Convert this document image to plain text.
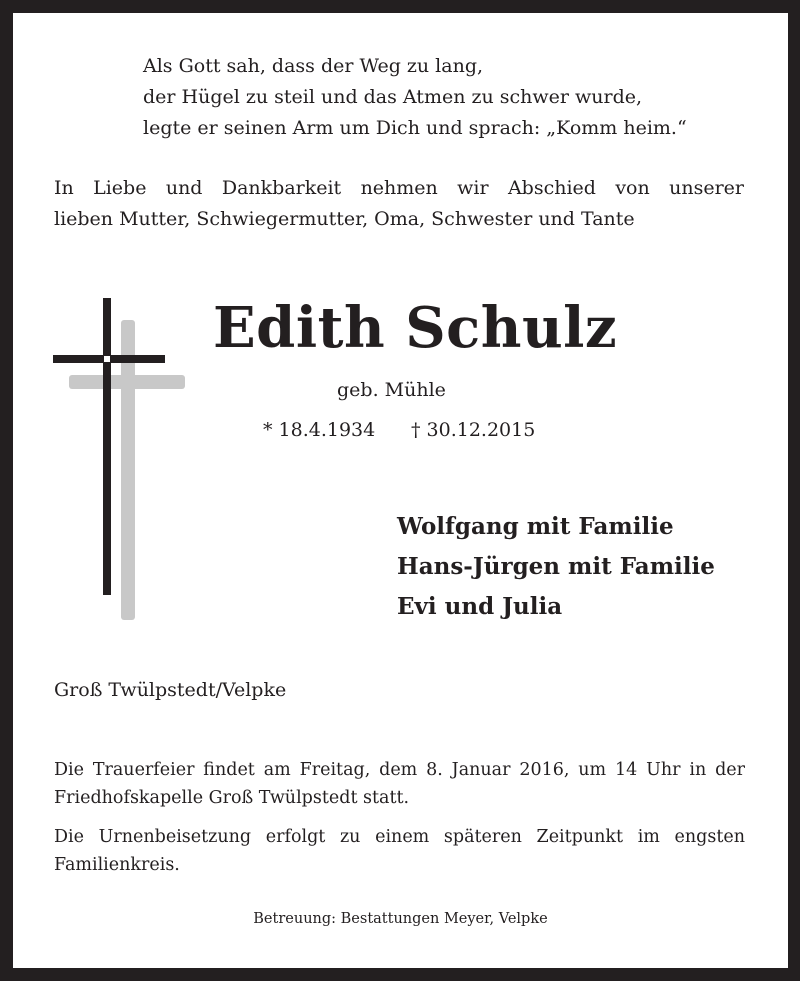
Als Gott sah, dass der Weg zu lang,
der Hügel zu steil und das Atmen zu schwer wurde,
legte er seinen Arm um Dich und sprach: „Komm heim.“
In Liebe und Dankbarkeit nehmen wir Abschied von unserer
lieben Mutter, Schwiegermutter, Oma, Schwester und Tante
Edith Schulz
geb. Mühle
* 18.4.1934 † 30.12.2015
Wolfgang mit Familie
Hans-Jürgen mit Familie
Evi und Julia
Groß Twülpstedt/Velpke
Die Trauerfeier findet am Freitag, dem 8. Januar 2016, um 14 Uhr in der
Friedhofskapelle Groß Twülpstedt statt.
Die Urnenbeisetzung erfolgt zu einem späteren Zeitpunkt im engsten
Familienkreis.
Betreuung: Bestattungen Meyer, Velpke
